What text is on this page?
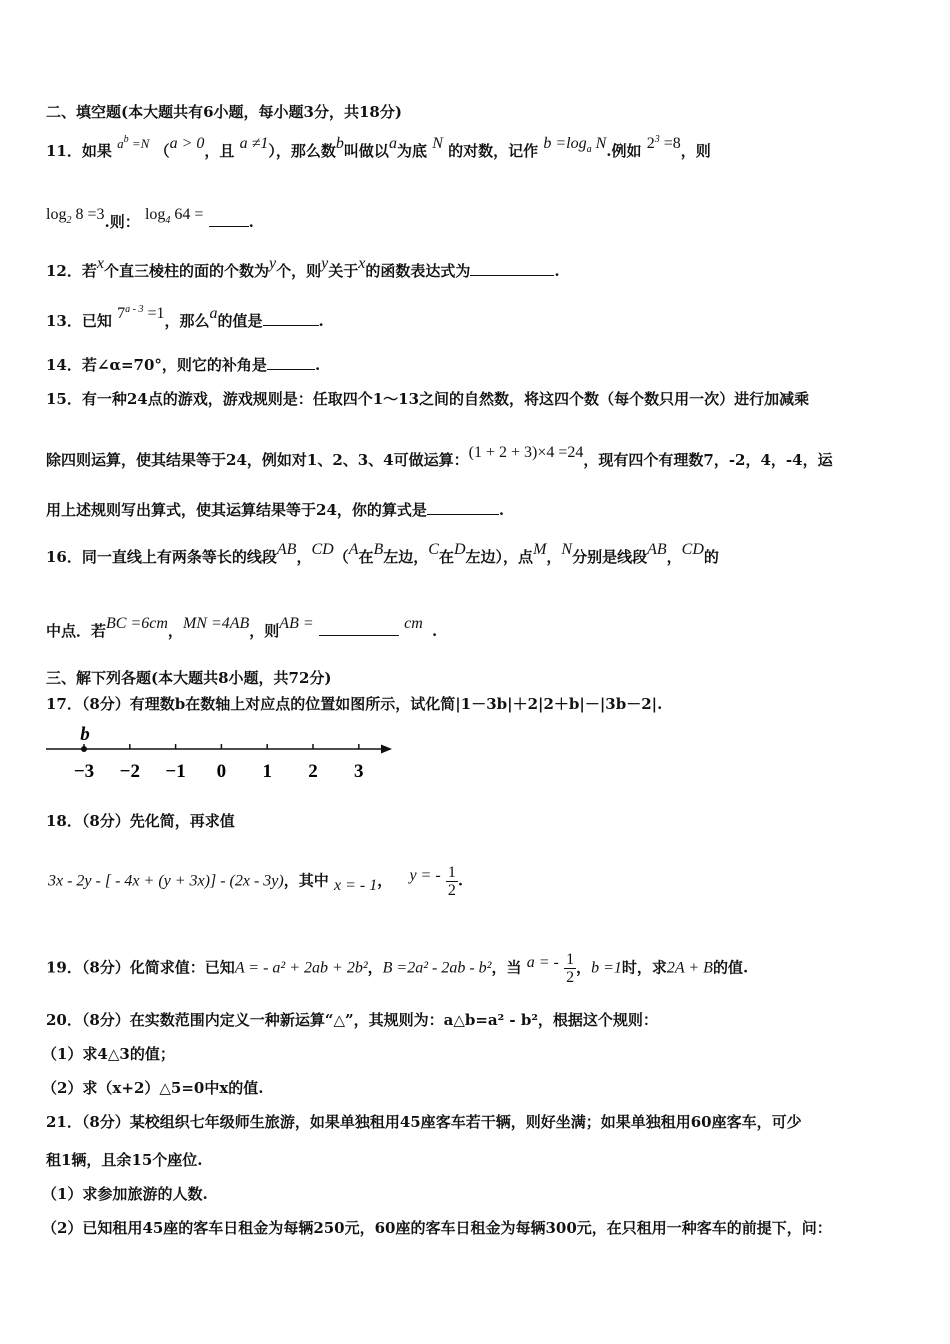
二、填空题(本大题共有6小题，每小题3分，共18分)
11．如果 $a^b =N$ （a > 0，且 a ≠1），那么数b叫做以a为底 N 的对数，记作 $b =\log_a$ N.例如 $2^3 =8$，则
$\log_2 8 =3$.则： $\log_4 64$ =	.
12．若x个直三棱柱的面的个数为y个，则y关于x的函数表达式为	.
13．已知 $7^{a - 3} =1$，那么a的值是	.
14．若∠α=70°，则它的补角是	.
15．有一种24点的游戏，游戏规则是：任取四个1～13之间的自然数，将这四个数（每个数只用一次）进行加减乘
除四则运算，使其结果等于24，例如对1、2、3、4可做运算：(1 + 2 + 3)×4 =24，现有四个有理数7，-2，4，-4，运
用上述规则写出算式，使其运算结果等于24，你的算式是	.
16．同一直线上有两条等长的线段AB，CD（A在B左边，C在D左边），点M，N分别是线段AB，CD的
中点．若BC =6cm，MN =4AB，则AB =	cm .
三、解下列各题(本大题共8小题，共72分)
17．（8分）有理数b在数轴上对应点的位置如图所示，试化简|1－3b|＋2|2＋b|－|3b－2|.
−3 −2 −1 0 1 2 3
b
18．（8分）先化简，再求值
3x - 2y - [ - 4x + (y + 3x)] - (2x - 3y)，其中 x = - 1， y = - $\frac{1}{2}$ .
19．（8分）化简求值：已知A = - a² + 2ab + 2b²，B =2a² - 2ab - b²，当 a = - $\frac{1}{2}$ ，b =1时，求2A + B的值.
20．（8分）在实数范围内定义一种新运算“△”，其规则为：a△b=a² - b²，根据这个规则：
（1）求4△3的值；
（2）求（x+2）△5=0中x的值.
21．（8分）某校组织七年级师生旅游，如果单独租用45座客车若干辆，则好坐满；如果单独租用60座客车，可少
租1辆，且余15个座位.
（1）求参加旅游的人数.
（2）已知租用45座的客车日租金为每辆250元，60座的客车日租金为每辆300元，在只租用一种客车的前提下，问：
